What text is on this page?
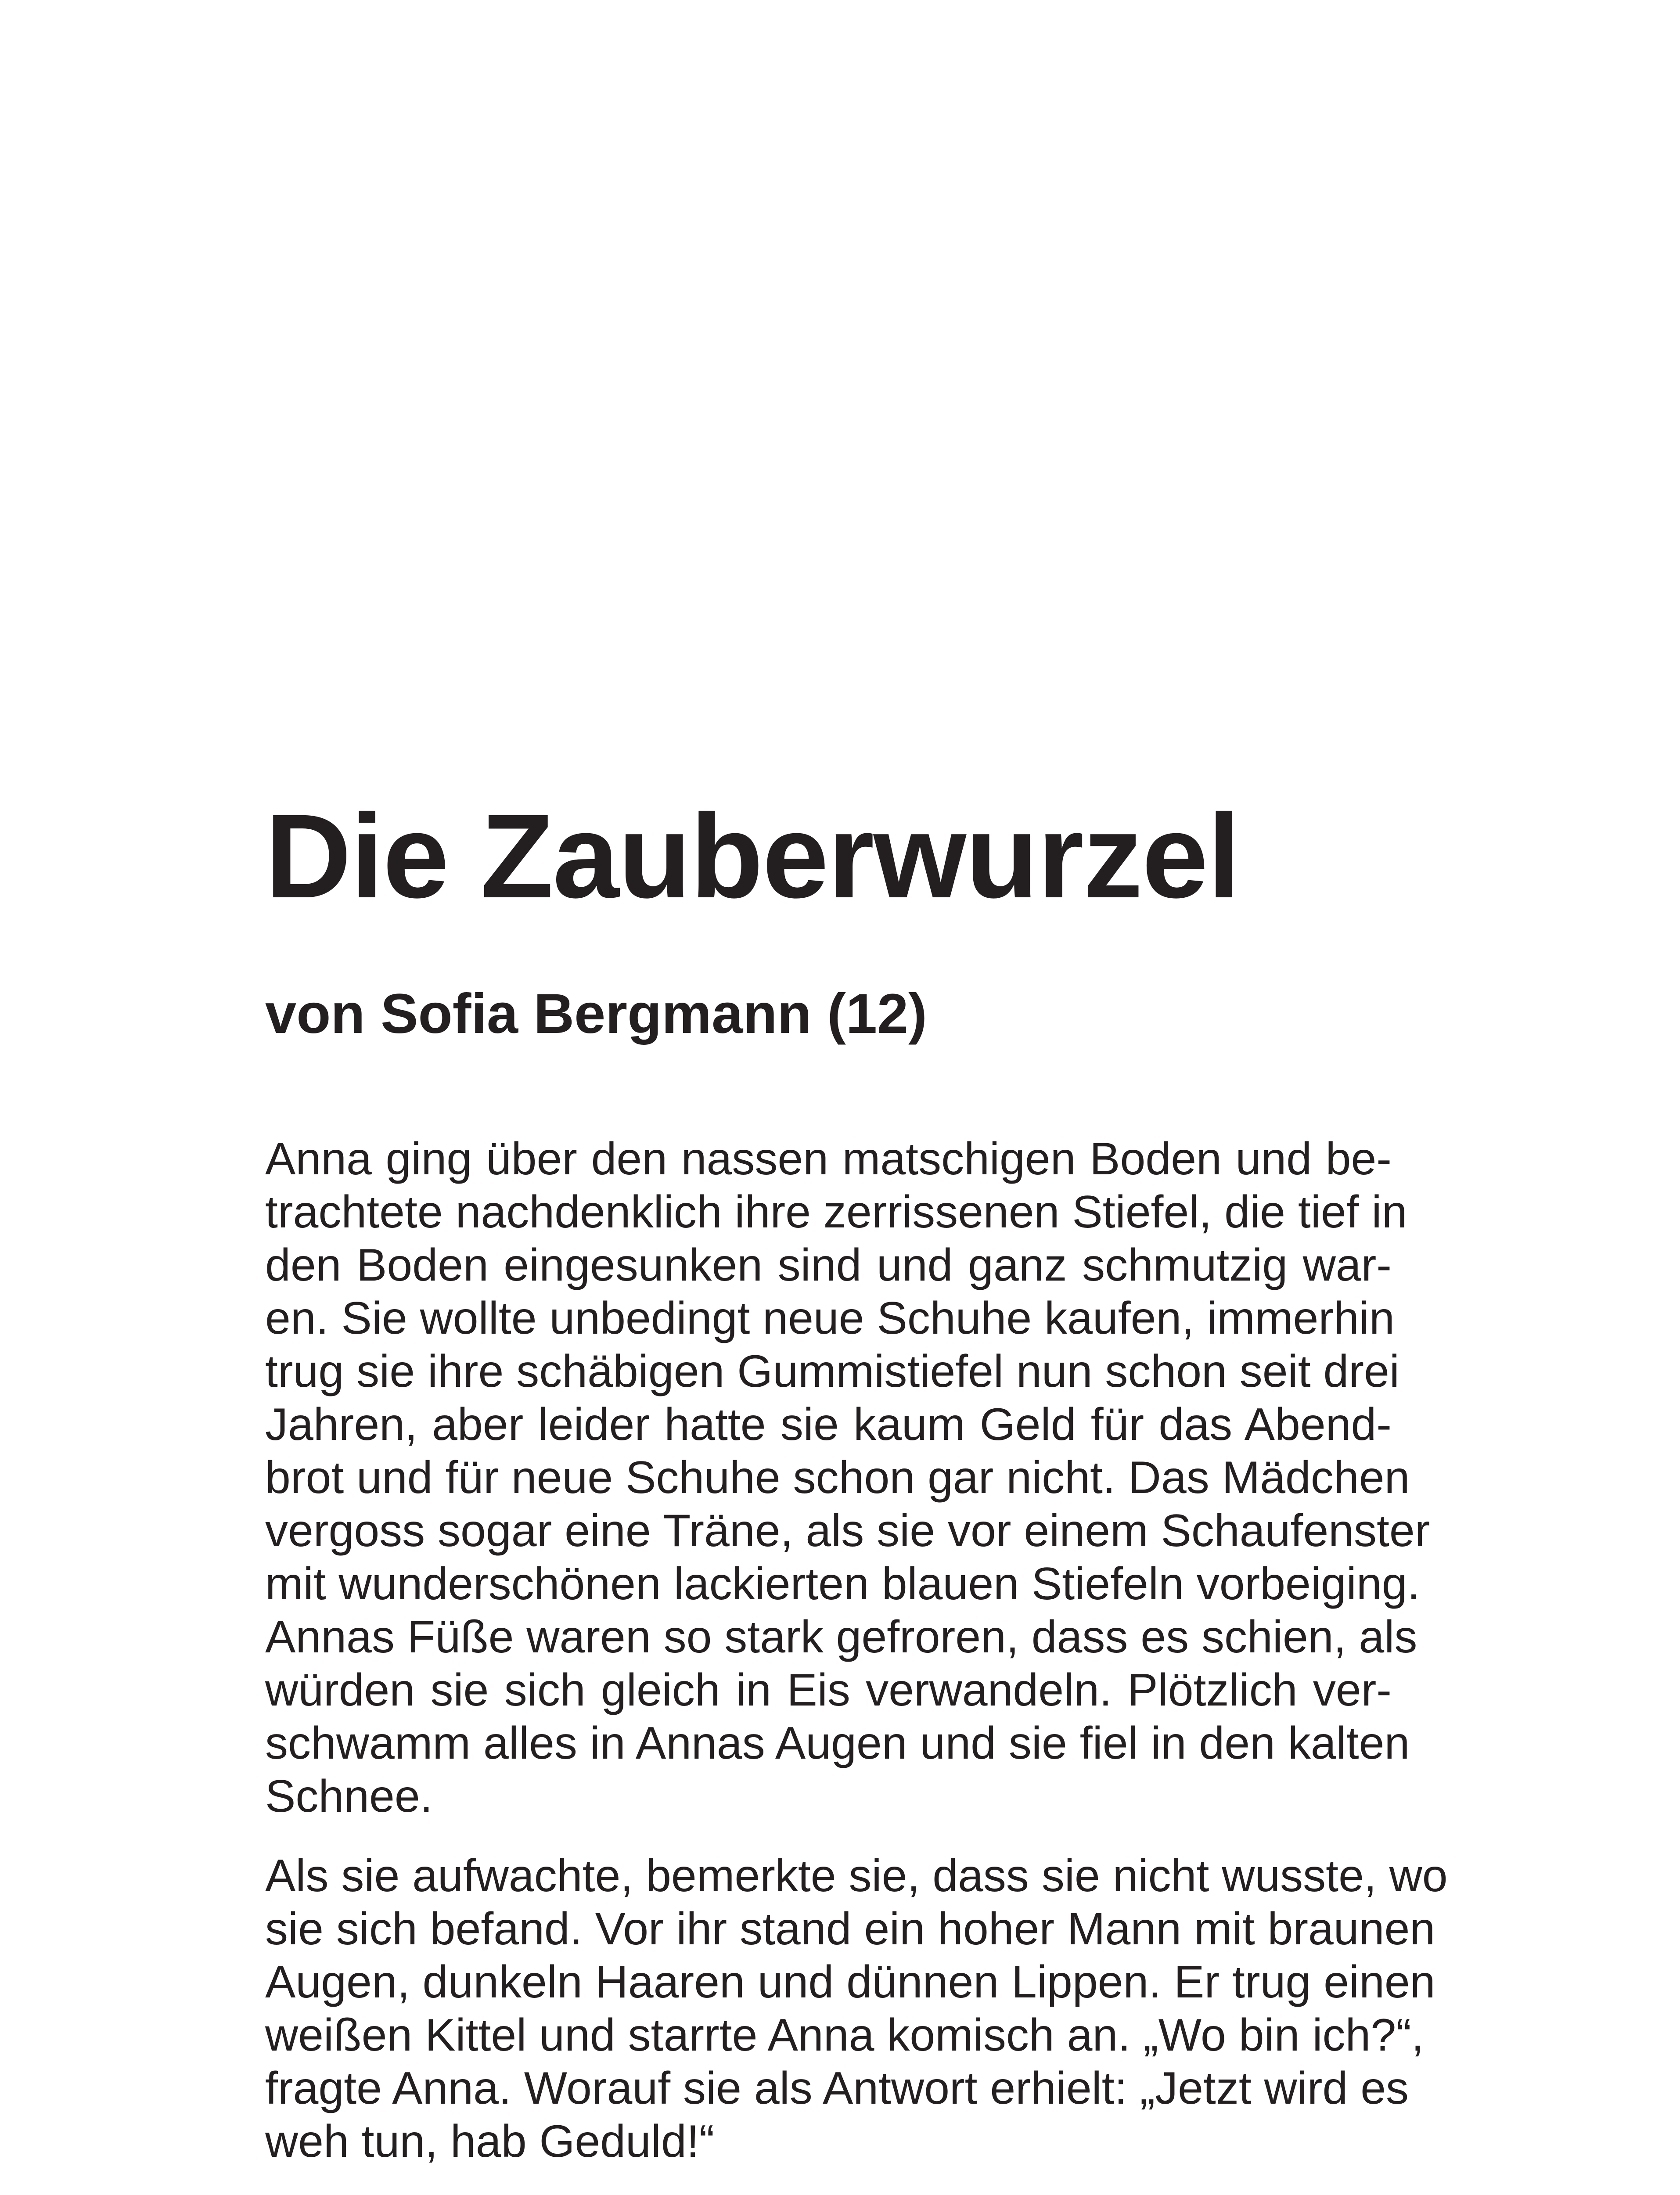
Die Zauberwurzel
von Sofia Bergmann (12)
Anna ging über den nassen matschigen Boden und be-
trachtete nachdenklich ihre zerrissenen Stiefel, die tief in
den Boden eingesunken sind und ganz schmutzig war-
en. Sie wollte unbedingt neue Schuhe kaufen, immerhin
trug sie ihre schäbigen Gummistiefel nun schon seit drei
Jahren, aber leider hatte sie kaum Geld für das Abend-
brot und für neue Schuhe schon gar nicht. Das Mädchen
vergoss sogar eine Träne, als sie vor einem Schaufenster
mit wunderschönen lackierten blauen Stiefeln vorbeiging.
Annas Füße waren so stark gefroren, dass es schien, als
würden sie sich gleich in Eis verwandeln. Plötzlich ver-
schwamm alles in Annas Augen und sie fiel in den kalten
Schnee.
Als sie aufwachte, bemerkte sie, dass sie nicht wusste, wo
sie sich befand. Vor ihr stand ein hoher Mann mit braunen
Augen, dunkeln Haaren und dünnen Lippen. Er trug einen
weißen Kittel und starrte Anna komisch an. „Wo bin ich?“,
fragte Anna. Worauf sie als Antwort erhielt: „Jetzt wird es
weh tun, hab Geduld!“
